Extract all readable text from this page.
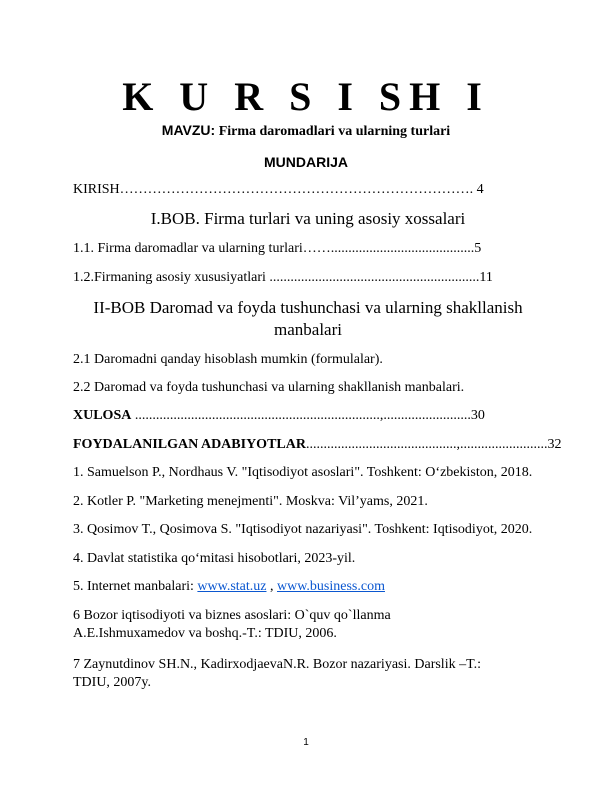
K U R S I SH I
MAVZU: Firma daromadlari va ularning turlari
MUNDARIJA
KIRISH…………………………………………………………………. 4
I.BOB. Firma turlari va uning asosiy xossalari
1.1. Firma daromadlar va ularning turlari…….........................................5
1.2.Firmaning asosiy xususiyatlari ............................................................11
II-BOB Daromad va foyda tushunchasi va ularning shakllanish
manbalari
2.1 Daromadni qanday hisoblash mumkin (formulalar).
2.2 Daromad va foyda tushunchasi va ularning shakllanish manbalari.
XULOSA ......................................................................,.........................30
FOYDALANILGAN ADABIYOTLAR...........................................,.........................32
1. Samuelson P., Nordhaus V. "Iqtisodiyot asoslari". Toshkent: O‘zbekiston, 2018.
2. Kotler P. "Marketing menejmenti". Moskva: Vil’yams, 2021.
3. Qosimov T., Qosimova S. "Iqtisodiyot nazariyasi". Toshkent: Iqtisodiyot, 2020.
4. Davlat statistika qo‘mitasi hisobotlari, 2023-yil.
5. Internet manbalari: www.stat.uz , www.business.com
6 Bozor iqtisodiyoti va biznes asoslari: O`quv qo`llanma
A.E.Ishmuxamedov va boshq.-T.: TDIU, 2006.
7 Zaynutdinov SH.N., KadirxodjaevaN.R. Bozor nazariyasi. Darslik –T.:
TDIU, 2007y.
1
